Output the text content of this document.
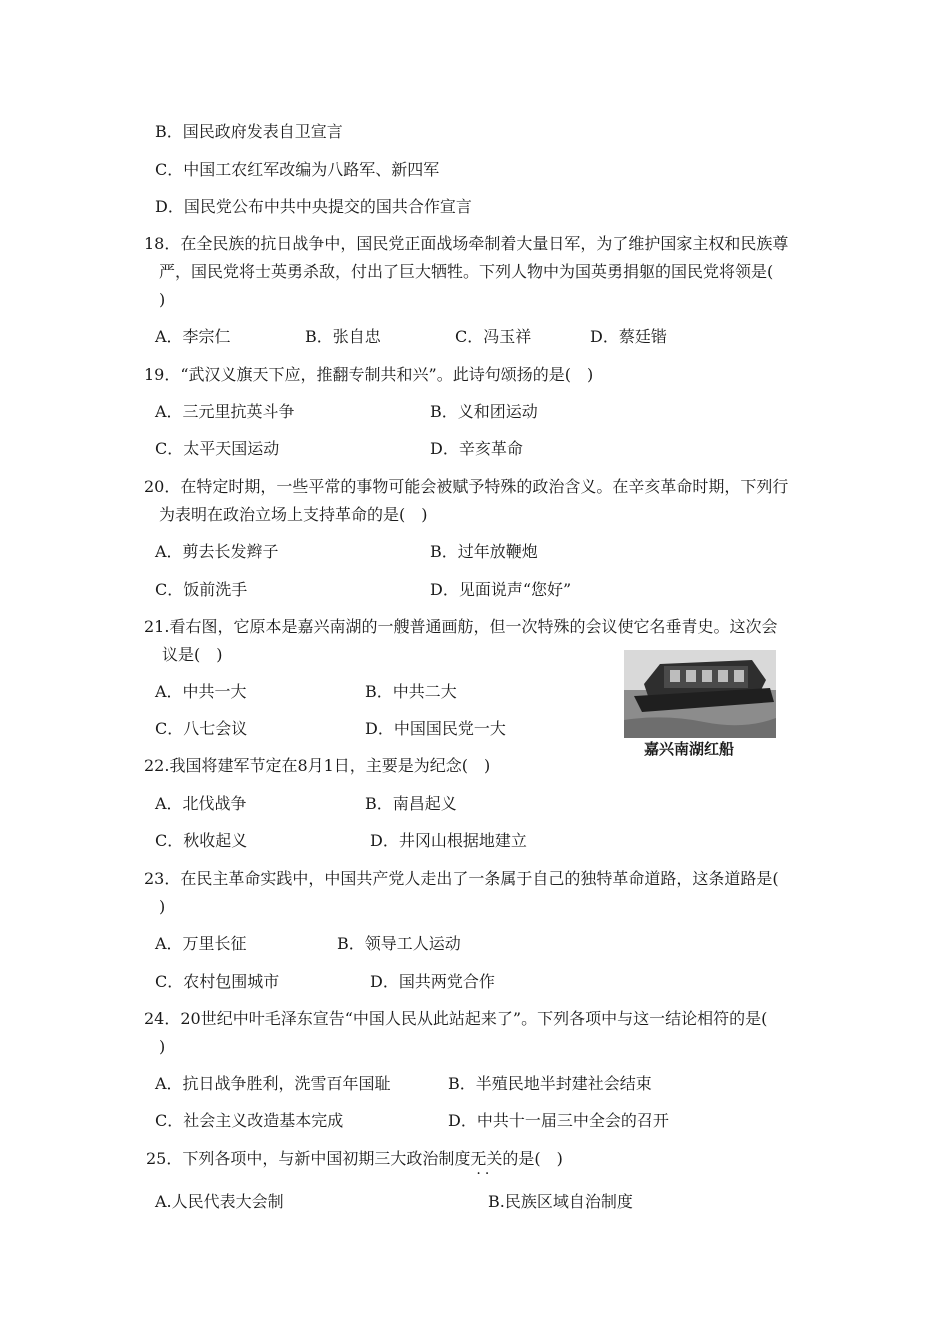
B．国民政府发表自卫宣言
C．中国工农红军改编为八路军、新四军
D．国民党公布中共中央提交的国共合作宣言
18．在全民族的抗日战争中，国民党正面战场牵制着大量日军，为了维护国家主权和民族尊
严，国民党将士英勇杀敌，付出了巨大牺牲。下列人物中为国英勇捐躯的国民党将领是(
)
A．李宗仁	B．张自忠	C．冯玉祥	D．蔡廷锴
19．“武汉义旗天下应，推翻专制共和兴”。此诗句颂扬的是(　)
A．三元里抗英斗争	B．义和团运动
C．太平天国运动	D．辛亥革命
20．在特定时期，一些平常的事物可能会被赋予特殊的政治含义。在辛亥革命时期，下列行
为表明在政治立场上支持革命的是(　)
A．剪去长发辫子	B．过年放鞭炮
C．饭前洗手	D．见面说声“您好”
21.看右图，它原本是嘉兴南湖的一艘普通画舫，但一次特殊的会议使它名垂青史。这次会
议是(　)
A．中共一大	B．中共二大
C．八七会议	D．中国国民党一大
嘉兴南湖红船
22.我国将建军节定在8月1日，主要是为纪念(　)
A．北伐战争	B．南昌起义
C．秋收起义	D．井冈山根据地建立
23．在民主革命实践中，中国共产党人走出了一条属于自己的独特革命道路，这条道路是(
)
A．万里长征	B．领导工人运动
C．农村包围城市	D．国共两党合作
24．20世纪中叶毛泽东宣告“中国人民从此站起来了”。下列各项中与这一结论相符的是(
)
A．抗日战争胜利，洗雪百年国耻	B．半殖民地半封建社会结束
C．社会主义改造基本完成	D．中共十一届三中全会的召开
25．下列各项中，与新中国初期三大政治制度无关 ··的是(　)
A.人民代表大会制	B.民族区域自治制度
